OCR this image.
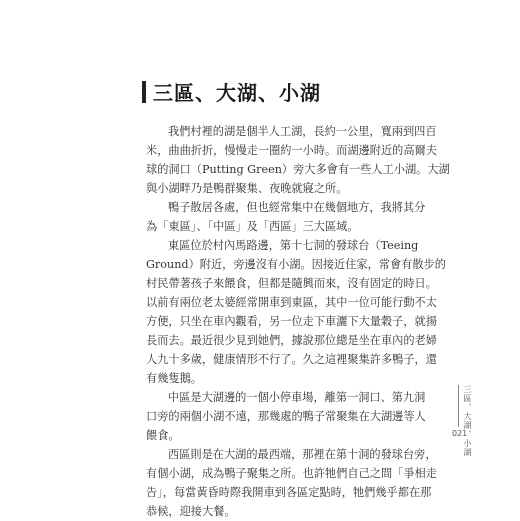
三區、大湖、小湖

我們村裡的湖是個半人工湖，長約一公里，寬兩到四百
米，曲曲折折，慢慢走一圈約一小時。而湖邊附近的高爾夫
球的洞口（Putting Green）旁大多會有一些人工小湖。大湖
與小湖畔乃是鴨群聚集、夜晚就寢之所。

鴨子散居各處，但也經常集中在幾個地方，我將其分
為「東區」、「中區」及「西區」三大區域。

東區位於村內馬路邊，第十七洞的發球台（Teeing
Ground）附近，旁邊沒有小湖。因接近住家，常會有散步的
村民帶著孩子來餵食，但都是隨興而來，沒有固定的時日。
以前有兩位老太婆經常開車到東區，其中一位可能行動不太
方便，只坐在車內觀看，另一位走下車灑下大量穀子，就揚
長而去。最近很少見到她們，據說那位總是坐在車內的老婦
人九十多歲，健康情形不行了。久之這裡聚集許多鴨子，還
有幾隻鵝。

中區是大湖邊的一個小停車場，離第一洞口、第九洞
口旁的兩個小湖不遠，那幾處的鴨子常聚集在大湖邊等人
餵食。

西區則是在大湖的最西端，那裡在第十洞的發球台旁，
有個小湖，成為鴨子聚集之所。也許牠們自己之間「爭相走
告」，每當黃昏時際我開車到各區定點時，牠們幾乎都在那
恭候，迎接大餐。

三區、大湖、小湖
021
